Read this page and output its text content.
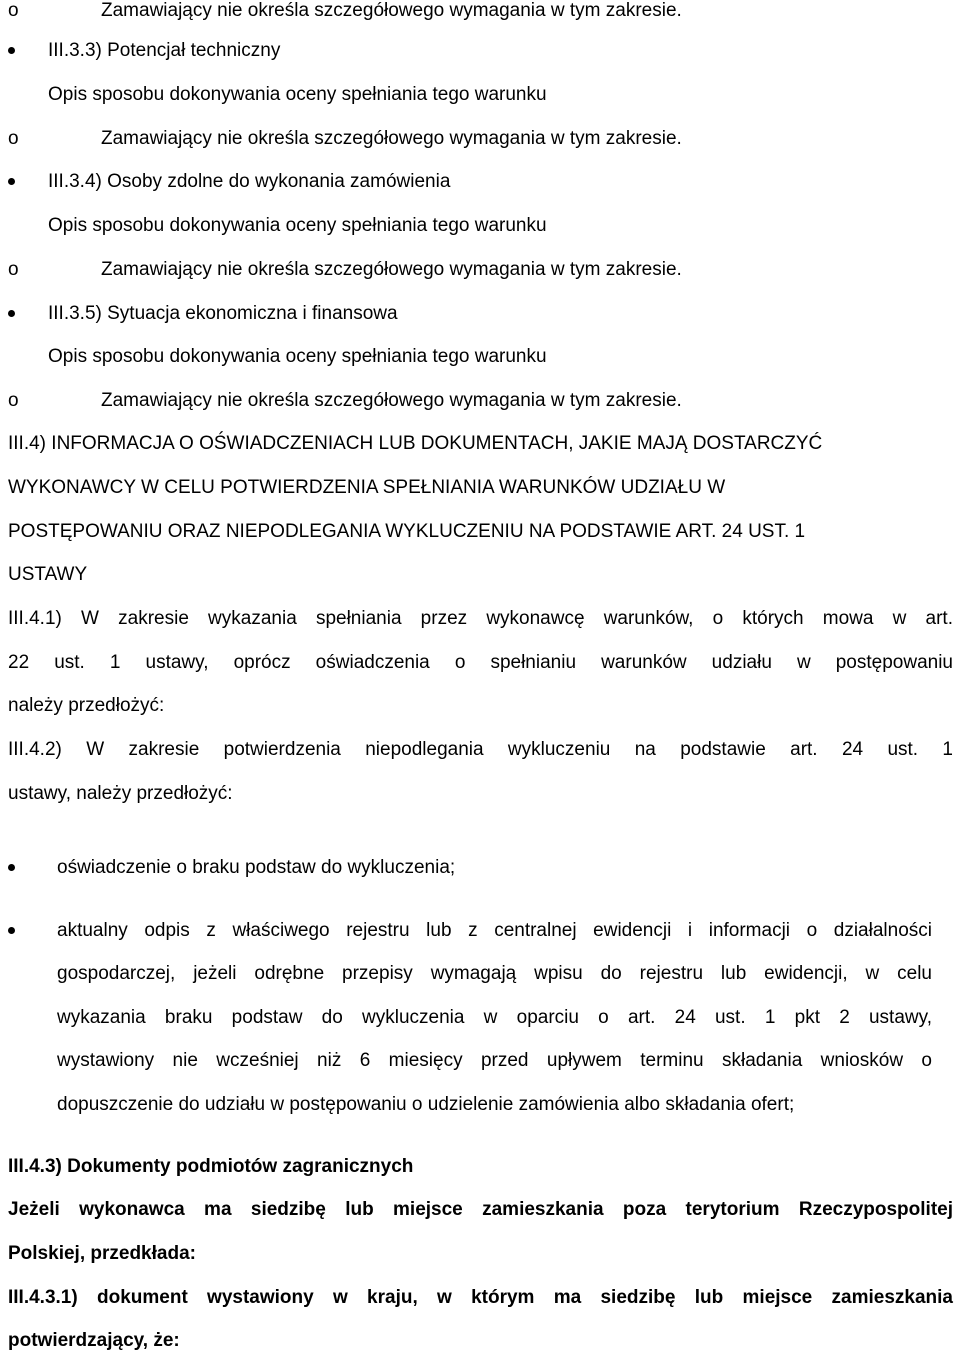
o	Zamawiający nie określa szczegółowego wymagania w tym zakresie.
III.3.3) Potencjał techniczny
Opis sposobu dokonywania oceny spełniania tego warunku
o	Zamawiający nie określa szczegółowego wymagania w tym zakresie.
III.3.4) Osoby zdolne do wykonania zamówienia
Opis sposobu dokonywania oceny spełniania tego warunku
o	Zamawiający nie określa szczegółowego wymagania w tym zakresie.
III.3.5) Sytuacja ekonomiczna i finansowa
Opis sposobu dokonywania oceny spełniania tego warunku
o	Zamawiający nie określa szczegółowego wymagania w tym zakresie.
III.4) INFORMACJA O OŚWIADCZENIACH LUB DOKUMENTACH, JAKIE MAJĄ DOSTARCZYĆ
WYKONAWCY W CELU POTWIERDZENIA SPEŁNIANIA WARUNKÓW UDZIAŁU W
POSTĘPOWANIU ORAZ NIEPODLEGANIA WYKLUCZENIU NA PODSTAWIE ART. 24 UST. 1
USTAWY
III.4.1) W zakresie wykazania spełniania przez wykonawcę warunków, o których mowa w art.
22 ust. 1 ustawy, oprócz oświadczenia o spełnianiu warunków udziału w postępowaniu
należy przedłożyć:
III.4.2) W zakresie potwierdzenia niepodlegania wykluczeniu na podstawie art. 24 ust. 1
ustawy, należy przedłożyć:
oświadczenie o braku podstaw do wykluczenia;
aktualny odpis z właściwego rejestru lub z centralnej ewidencji i informacji o działalności
gospodarczej, jeżeli odrębne przepisy wymagają wpisu do rejestru lub ewidencji, w celu
wykazania braku podstaw do wykluczenia w oparciu o art. 24 ust. 1 pkt 2 ustawy,
wystawiony nie wcześniej niż 6 miesięcy przed upływem terminu składania wniosków o
dopuszczenie do udziału w postępowaniu o udzielenie zamówienia albo składania ofert;
III.4.3) Dokumenty podmiotów zagranicznych
Jeżeli wykonawca ma siedzibę lub miejsce zamieszkania poza terytorium Rzeczypospolitej
Polskiej, przedkłada:
III.4.3.1) dokument wystawiony w kraju, w którym ma siedzibę lub miejsce zamieszkania
potwierdzający, że:
